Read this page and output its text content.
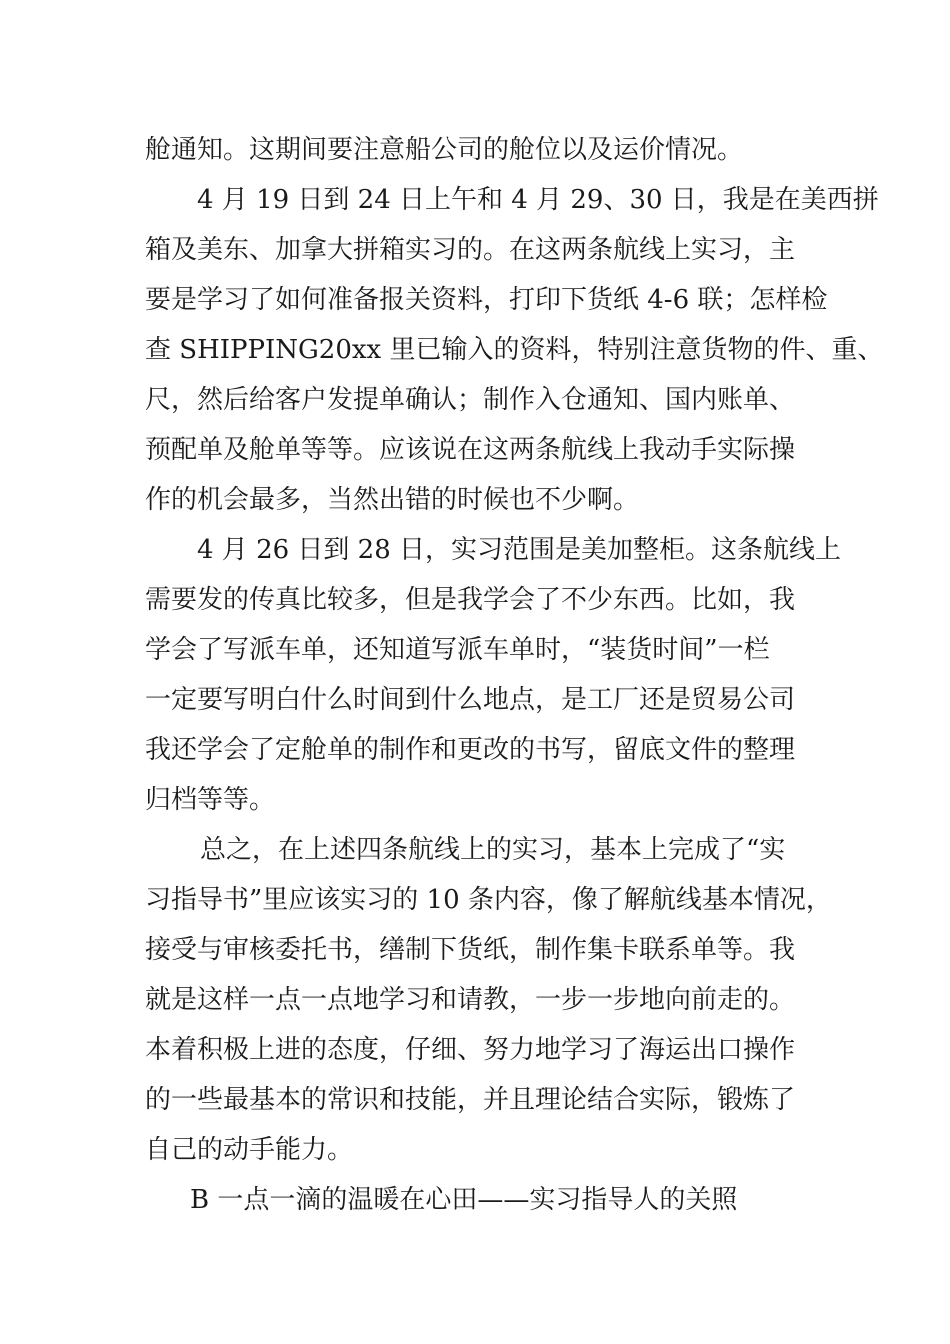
舱通知。这期间要注意船公司的舱位以及运价情况。
4 月 19 日到 24 日上午和 4 月 29、30 日，我是在美西拼
箱及美东、加拿大拼箱实习的。在这两条航线上实习，主
要是学习了如何准备报关资料，打印下货纸 4-6 联；怎样检
查 SHIPPING20xx 里已输入的资料，特别注意货物的件、重、
尺，然后给客户发提单确认；制作入仓通知、国内账单、
预配单及舱单等等。应该说在这两条航线上我动手实际操
作的机会最多，当然出错的时候也不少啊。
4 月 26 日到 28 日，实习范围是美加整柜。这条航线上
需要发的传真比较多，但是我学会了不少东西。比如，我
学会了写派车单，还知道写派车单时，“装货时间”一栏
一定要写明白什么时间到什么地点，是工厂还是贸易公司
我还学会了定舱单的制作和更改的书写，留底文件的整理
归档等等。
总之，在上述四条航线上的实习，基本上完成了“实
习指导书”里应该实习的 10 条内容，像了解航线基本情况，
接受与审核委托书，缮制下货纸，制作集卡联系单等。我
就是这样一点一点地学习和请教，一步一步地向前走的。
本着积极上进的态度，仔细、努力地学习了海运出口操作
的一些最基本的常识和技能，并且理论结合实际，锻炼了
自己的动手能力。
B 一点一滴的温暖在心田——实习指导人的关照
